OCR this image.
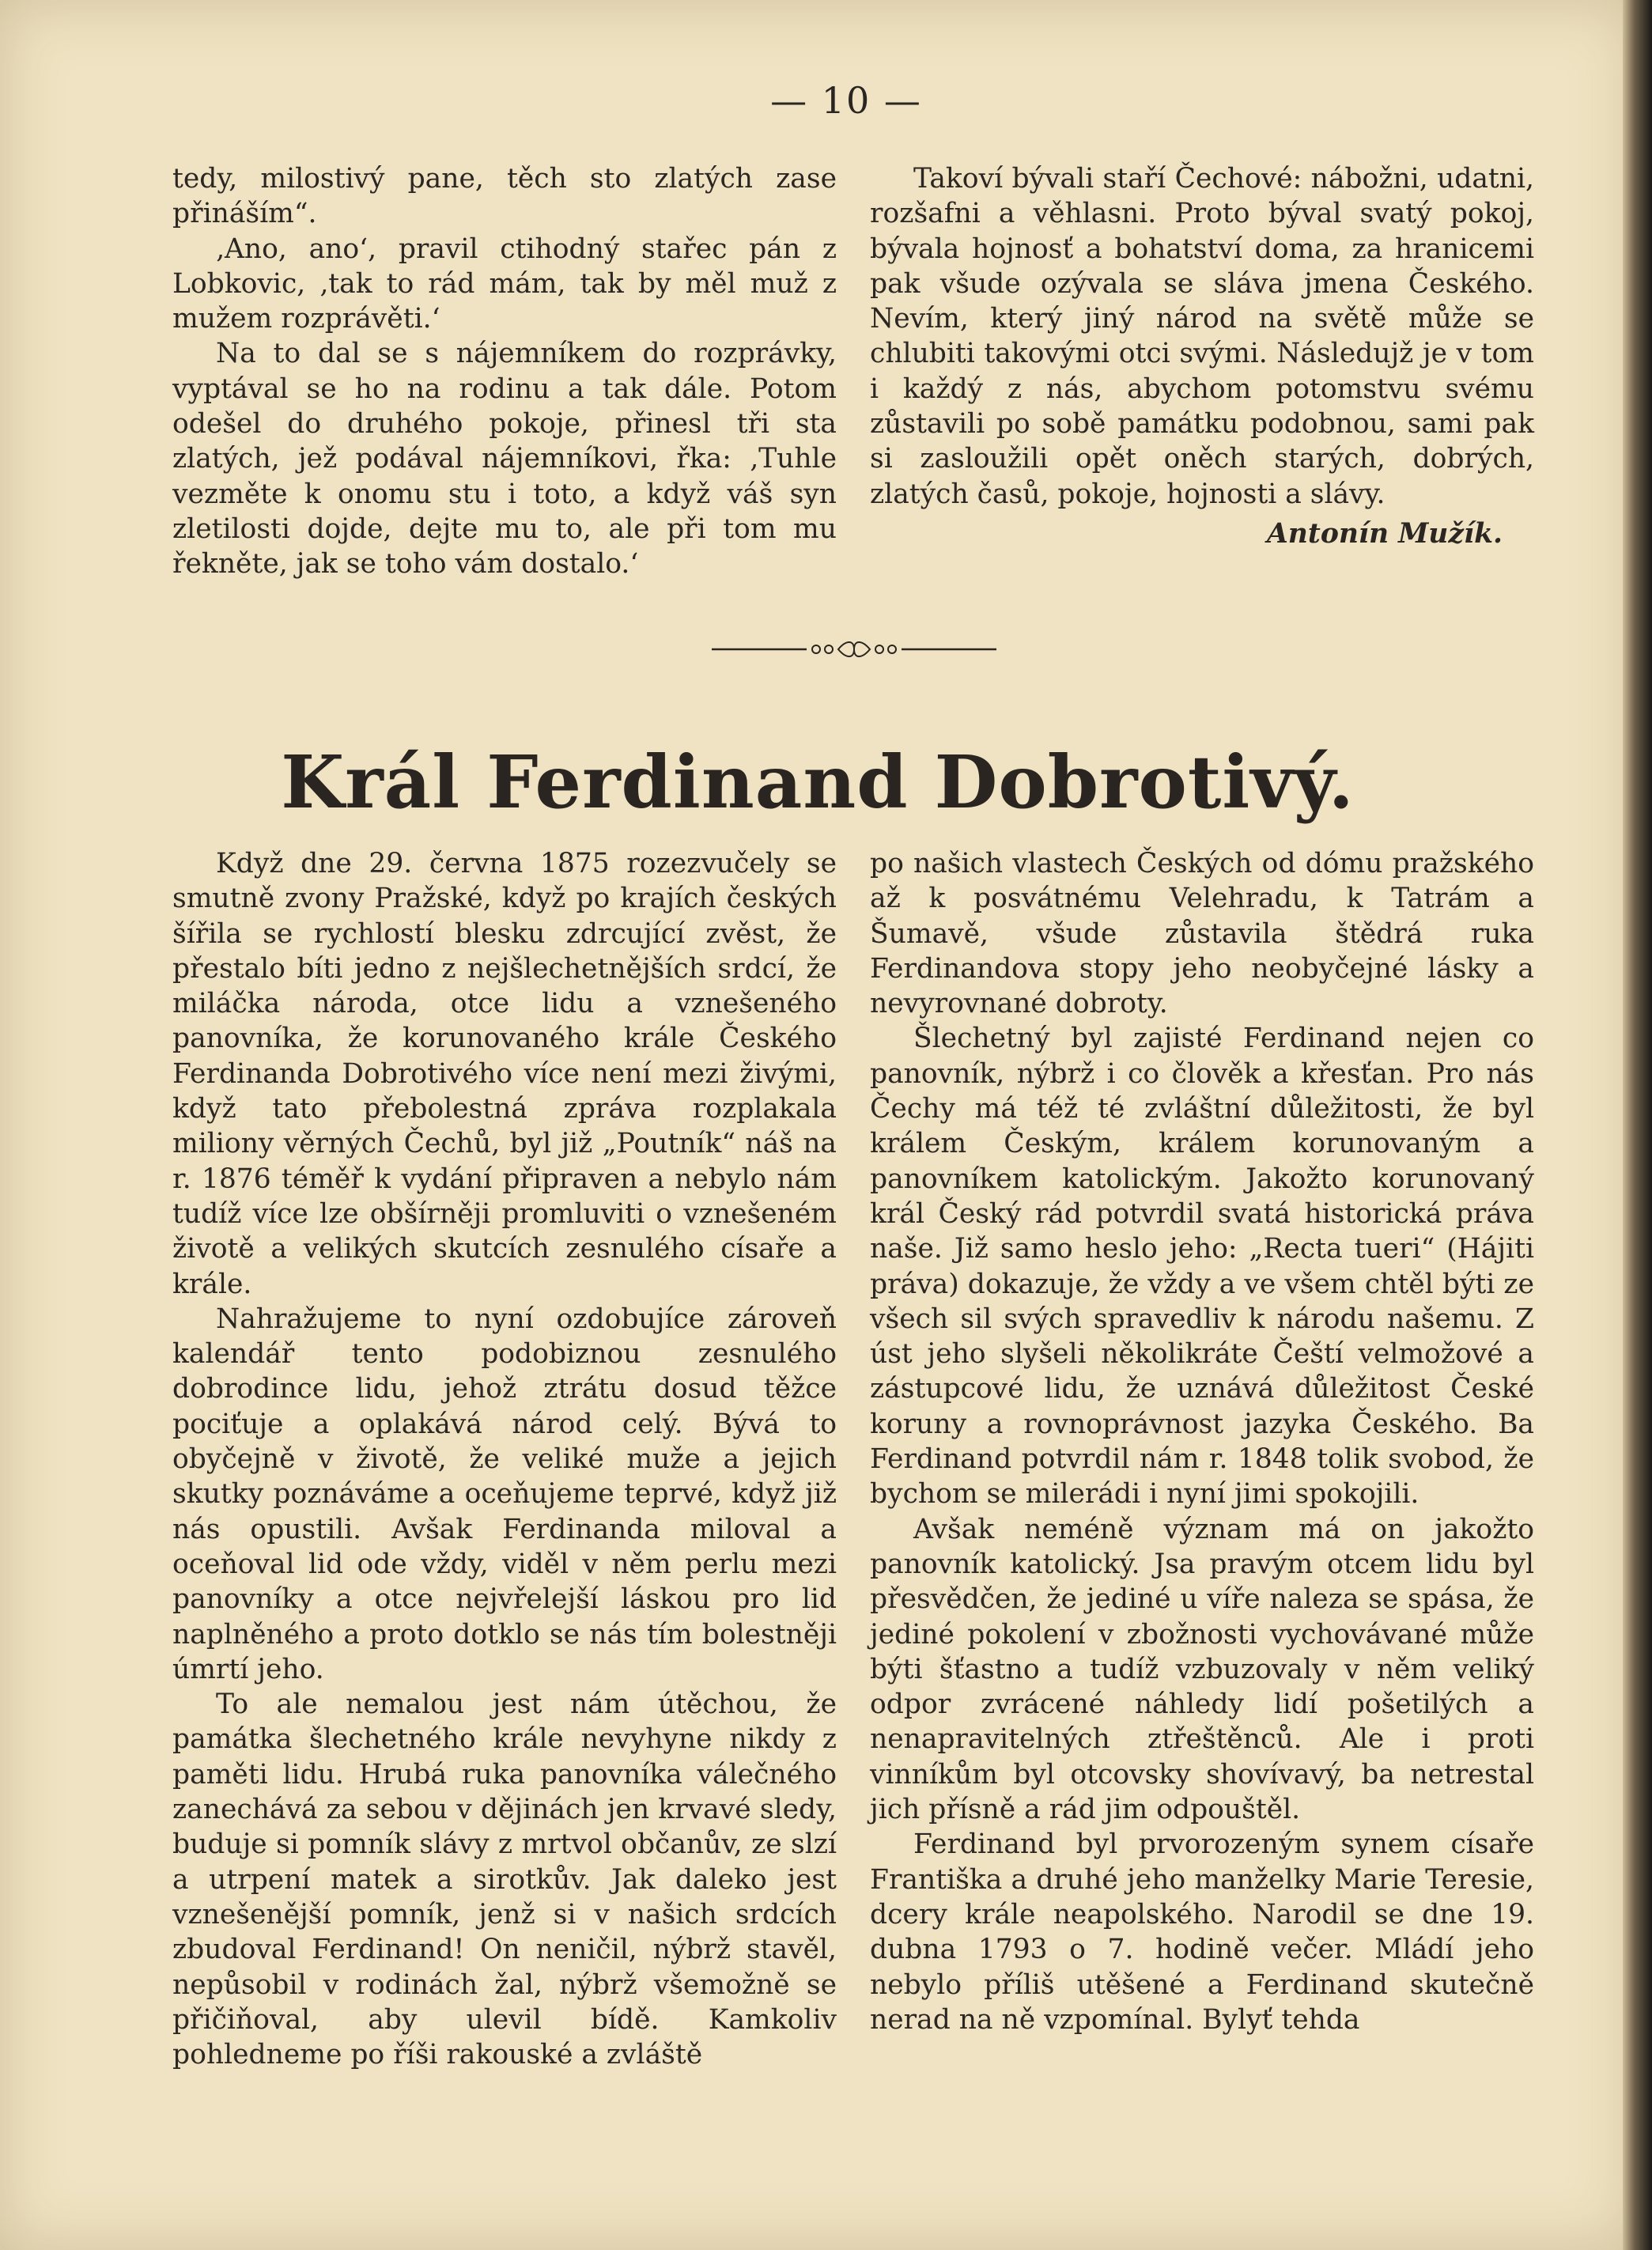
— 10 —

tedy, milostivý pane, těch sto zlatých zase přináším“.

‚Ano, ano‘, pravil ctihodný stařec pán z Lobkovic, ‚tak to rád mám, tak by měl muž z mužem rozprávěti.‘

Na to dal se s nájemníkem do rozprávky, vyptával se ho na rodinu a tak dále. Potom odešel do druhého pokoje, přinesl tři sta zlatých, jež podával nájemníkovi, řka: ‚Tuhle vezměte k onomu stu i toto, a když váš syn zletilosti dojde, dejte mu to, ale při tom mu řekněte, jak se toho vám dostalo.‘

Takoví bývali staří Čechové: nábožni, udatni, rozšafni a věhlasni. Proto býval svatý pokoj, bývala hojnosť a bohatství doma, za hranicemi pak všude ozývala se sláva jmena Českého. Nevím, který jiný národ na světě může se chlubiti takovými otci svými. Následujž je v tom i každý z nás, abychom potomstvu svému zůstavili po sobě památku podobnou, sami pak si zasloužili opět oněch starých, dobrých, zlatých časů, pokoje, hojnosti a slávy.

Antonín Mužík.
Král Ferdinand Dobrotivý.

Když dne 29. června 1875 rozezvučely se smutně zvony Pražské, když po krajích českých šířila se rychlostí blesku zdrcující zvěst, že přestalo bíti jedno z nejšlechetnějších srdcí, že miláčka národa, otce lidu a vznešeného panovníka, že korunovaného krále Českého Ferdinanda Dobrotivého více není mezi živými, když tato přebolestná zpráva rozplakala miliony věrných Čechů, byl již „Poutník“ náš na r. 1876 téměř k vydání připraven a nebylo nám tudíž více lze obšírněji promluviti o vznešeném životě a velikých skutcích zesnulého císaře a krále.

Nahražujeme to nyní ozdobujíce zároveň kalendář tento podobiznou zesnulého dobrodince lidu, jehož ztrátu dosud těžce pociťuje a oplakává národ celý. Bývá to obyčejně v životě, že veliké muže a jejich skutky poznáváme a oceňujeme teprvé, když již nás opustili. Avšak Ferdinanda miloval a oceňoval lid ode vždy, viděl v něm perlu mezi panovníky a otce nejvřelejší láskou pro lid naplněného a proto dotklo se nás tím bolestněji úmrtí jeho.

To ale nemalou jest nám útěchou, že památka šlechetného krále nevyhyne nikdy z paměti lidu. Hrubá ruka panovníka válečného zanechává za sebou v dějinách jen krvavé sledy, buduje si pomník slávy z mrtvol občanův, ze slzí a utrpení matek a sirotkův. Jak daleko jest vznešenější pomník, jenž si v našich srdcích zbudoval Ferdinand! On neničil, nýbrž stavěl, nepůsobil v rodinách žal, nýbrž všemožně se přičiňoval, aby ulevil bídě. Kamkoliv pohledneme po říši rakouské a zvláště

po našich vlastech Českých od dómu pražského až k posvátnému Velehradu, k Tatrám a Šumavě, všude zůstavila štědrá ruka Ferdinandova stopy jeho neobyčejné lásky a nevyrovnané dobroty.

Šlechetný byl zajisté Ferdinand nejen co panovník, nýbrž i co člověk a křesťan. Pro nás Čechy má též té zvláštní důležitosti, že byl králem Českým, králem korunovaným a panovníkem katolickým. Jakožto korunovaný král Český rád potvrdil svatá historická práva naše. Již samo heslo jeho: „Recta tueri“ (Hájiti práva) dokazuje, že vždy a ve všem chtěl býti ze všech sil svých spravedliv k národu našemu. Z úst jeho slyšeli několikráte Čeští velmožové a zástupcové lidu, že uznává důležitost České koruny a rovnoprávnost jazyka Českého. Ba Ferdinand potvrdil nám r. 1848 tolik svobod, že bychom se milerádi i nyní jimi spokojili.

Avšak neméně význam má on jakožto panovník katolický. Jsa pravým otcem lidu byl přesvědčen, že jediné u víře naleza se spása, že jediné pokolení v zbožnosti vychovávané může býti šťastno a tudíž vzbuzovaly v něm veliký odpor zvrácené náhledy lidí pošetilých a nenapravitelných ztřeštěnců. Ale i proti vinníkům byl otcovsky shovívavý, ba netrestal jich přísně a rád jim odpouštěl.

Ferdinand byl prvorozeným synem císaře Františka a druhé jeho manželky Marie Teresie, dcery krále neapolského. Narodil se dne 19. dubna 1793 o 7. hodině večer. Mládí jeho nebylo příliš utěšené a Ferdinand skutečně nerad na ně vzpomínal. Bylyť tehda
